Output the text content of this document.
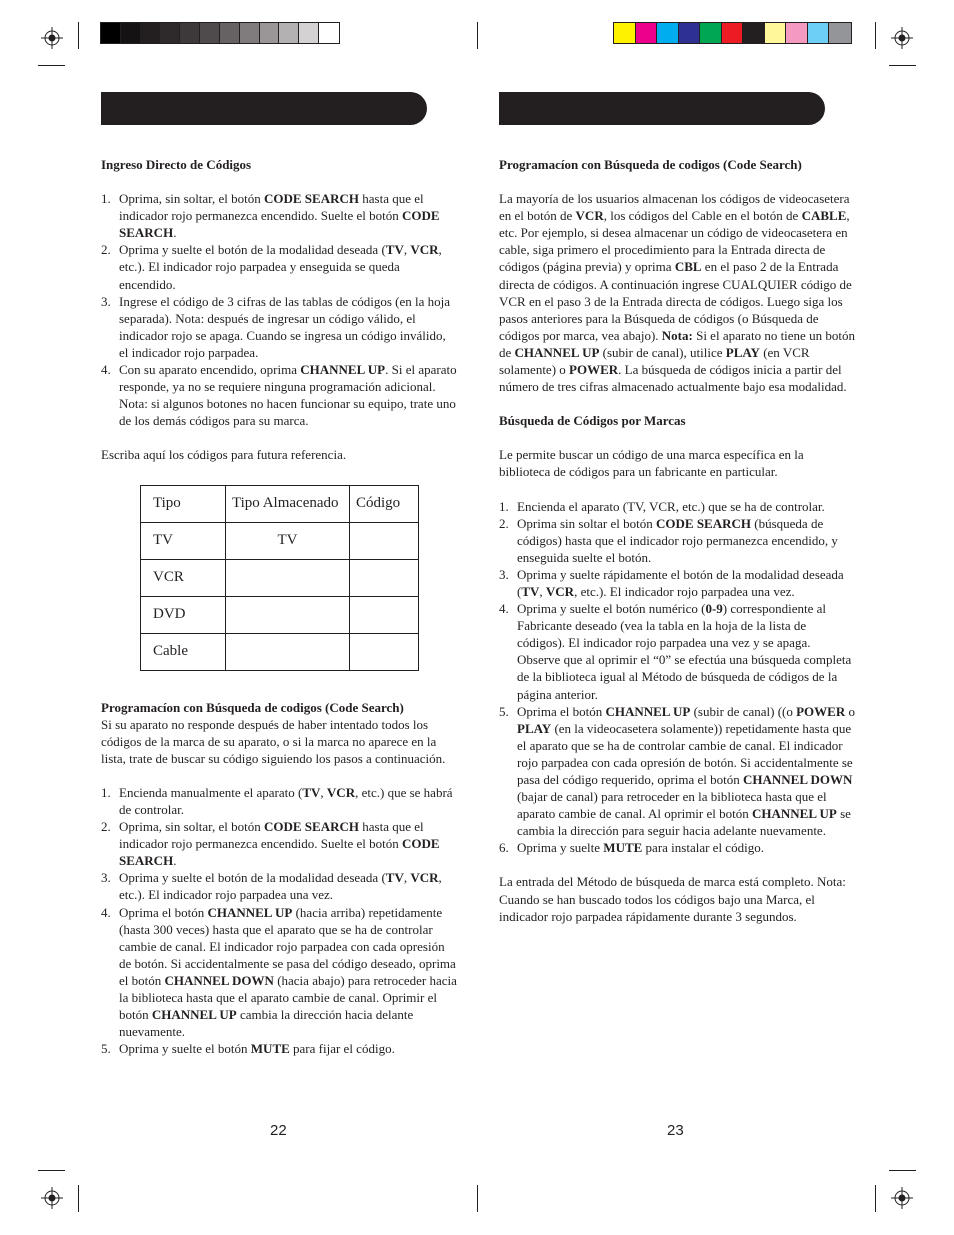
Ingreso Directo de Códigos

1. Oprima, sin soltar, el botón CODE SEARCH hasta que el indicador rojo permanezca encendido. Suelte el botón CODE SEARCH.
2. Oprima y suelte el botón de la modalidad deseada (TV, VCR, etc.). El indicador rojo parpadea y enseguida se queda encendido.
3. Ingrese el código de 3 cifras de las tablas de códigos (en la hoja separada). Nota: después de ingresar un código válido, el indicador rojo se apaga. Cuando se ingresa un código inválido, el indicador rojo parpadea.
4. Con su aparato encendido, oprima CHANNEL UP. Si el aparato responde, ya no se requiere ninguna programación adicional. Nota: si algunos botones no hacen funcionar su equipo, trate uno de los demás códigos para su marca.

Escriba aquí los códigos para futura referencia.

Tipo	Tipo Almacenado	Código
TV	TV	
VCR		
DVD		
Cable		

Programacíon con Búsqueda de codigos (Code Search)

Si su aparato no responde después de haber intentado todos los códigos de la marca de su aparato, o si la marca no aparece en la lista, trate de buscar su código siguiendo los pasos a continuación.

1. Encienda manualmente el aparato (TV, VCR, etc.) que se habrá de controlar.
2. Oprima, sin soltar, el botón CODE SEARCH hasta que el indicador rojo permanezca encendido. Suelte el botón CODE SEARCH.
3. Oprima y suelte el botón de la modalidad deseada (TV, VCR, etc.). El indicador rojo parpadea una vez.
4. Oprima el botón CHANNEL UP (hacia arriba) repetidamente (hasta 300 veces) hasta que el aparato que se ha de controlar cambie de canal. El indicador rojo parpadea con cada opresión de botón. Si accidentalmente se pasa del código deseado, oprima el botón CHANNEL DOWN (hacia abajo) para retroceder hacia la biblioteca hasta que el aparato cambie de canal. Oprimir el botón CHANNEL UP cambia la dirección hacia delante nuevamente.
5. Oprima y suelte el botón MUTE para fijar el código.

Programacíon con Búsqueda de codigos (Code Search)

La mayoría de los usuarios almacenan los códigos de videocasetera en el botón de VCR, los códigos del Cable en el botón de CABLE, etc. Por ejemplo, si desea almacenar un código de videocasetera en cable, siga primero el procedimiento para la Entrada directa de códigos (página previa) y oprima CBL en el paso 2 de la Entrada directa de códigos. A continuación ingrese CUALQUIER código de VCR en el paso 3 de la Entrada directa de códigos. Luego siga los pasos anteriores para la Búsqueda de códigos (o Búsqueda de códigos por marca, vea abajo). Nota: Si el aparato no tiene un botón de CHANNEL UP (subir de canal), utilice PLAY (en VCR solamente) o POWER. La búsqueda de códigos inicia a partir del número de tres cifras almacenado actualmente bajo esa modalidad.

Búsqueda de Códigos por Marcas

Le permite buscar un código de una marca específica en la biblioteca de códigos para un fabricante en particular.

1. Encienda el aparato (TV, VCR, etc.) que se ha de controlar.
2. Oprima sin soltar el botón CODE SEARCH (búsqueda de códigos) hasta que el indicador rojo permanezca encendido, y enseguida suelte el botón.
3. Oprima y suelte rápidamente el botón de la modalidad deseada (TV, VCR, etc.). El indicador rojo parpadea una vez.
4. Oprima y suelte el botón numérico (0-9) correspondiente al Fabricante deseado (vea la tabla en la hoja de la lista de códigos). El indicador rojo parpadea una vez y se apaga. Observe que al oprimir el “0” se efectúa una búsqueda completa de la biblioteca igual al Método de búsqueda de códigos de la página anterior.
5. Oprima el botón CHANNEL UP (subir de canal) ((o POWER o PLAY (en la videocasetera solamente)) repetidamente hasta que el aparato que se ha de controlar cambie de canal. El indicador rojo parpadea con cada opresión de botón. Si accidentalmente se pasa del código requerido, oprima el botón CHANNEL DOWN (bajar de canal) para retroceder en la biblioteca hasta que el aparato cambie de canal. Al oprimir el botón CHANNEL UP se cambia la dirección para seguir hacia adelante nuevamente.
6. Oprima y suelte MUTE para instalar el código.

La entrada del Método de búsqueda de marca está completo. Nota: Cuando se han buscado todos los códigos bajo una Marca, el indicador rojo parpadea rápidamente durante 3 segundos.

22	23
